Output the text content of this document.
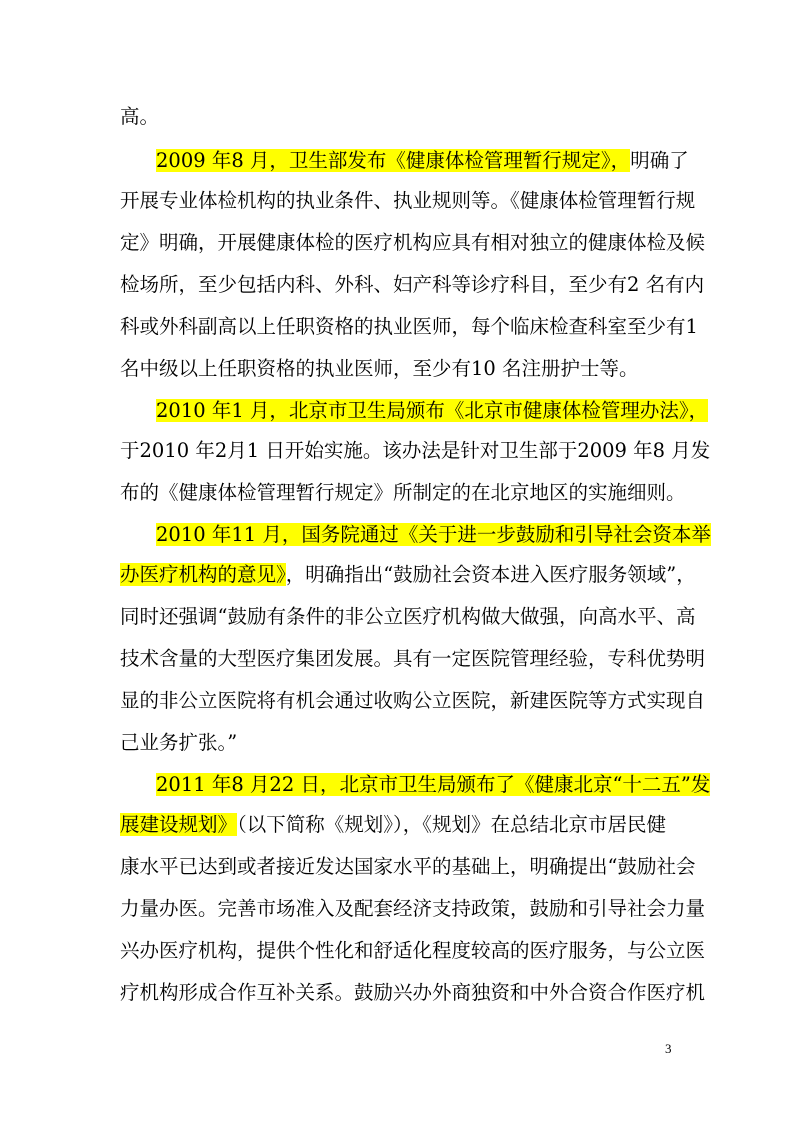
高。
2009 年8 月，卫生部发布《健康体检管理暂行规定》，明确了
开展专业体检机构的执业条件、执业规则等。《健康体检管理暂行规
定》明确，开展健康体检的医疗机构应具有相对独立的健康体检及候
检场所，至少包括内科、外科、妇产科等诊疗科目，至少有2 名有内
科或外科副高以上任职资格的执业医师，每个临床检查科室至少有1
名中级以上任职资格的执业医师，至少有10 名注册护士等。
2010 年1 月，北京市卫生局颁布《北京市健康体检管理办法》，
于2010 年2月1 日开始实施。该办法是针对卫生部于2009 年8 月发
布的《健康体检管理暂行规定》所制定的在北京地区的实施细则。
2010 年11 月，国务院通过《关于进一步鼓励和引导社会资本举
办医疗机构的意见》，明确指出“鼓励社会资本进入医疗服务领域”，
同时还强调“鼓励有条件的非公立医疗机构做大做强，向高水平、高
技术含量的大型医疗集团发展。具有一定医院管理经验，专科优势明
显的非公立医院将有机会通过收购公立医院，新建医院等方式实现自
己业务扩张。”
2011 年8 月22 日，北京市卫生局颁布了《健康北京“十二五”发
展建设规划》（以下简称《规划》），《规划》在总结北京市居民健
康水平已达到或者接近发达国家水平的基础上，明确提出“鼓励社会
力量办医。完善市场准入及配套经济支持政策，鼓励和引导社会力量
兴办医疗机构，提供个性化和舒适化程度较高的医疗服务，与公立医
疗机构形成合作互补关系。鼓励兴办外商独资和中外合资合作医疗机
3
